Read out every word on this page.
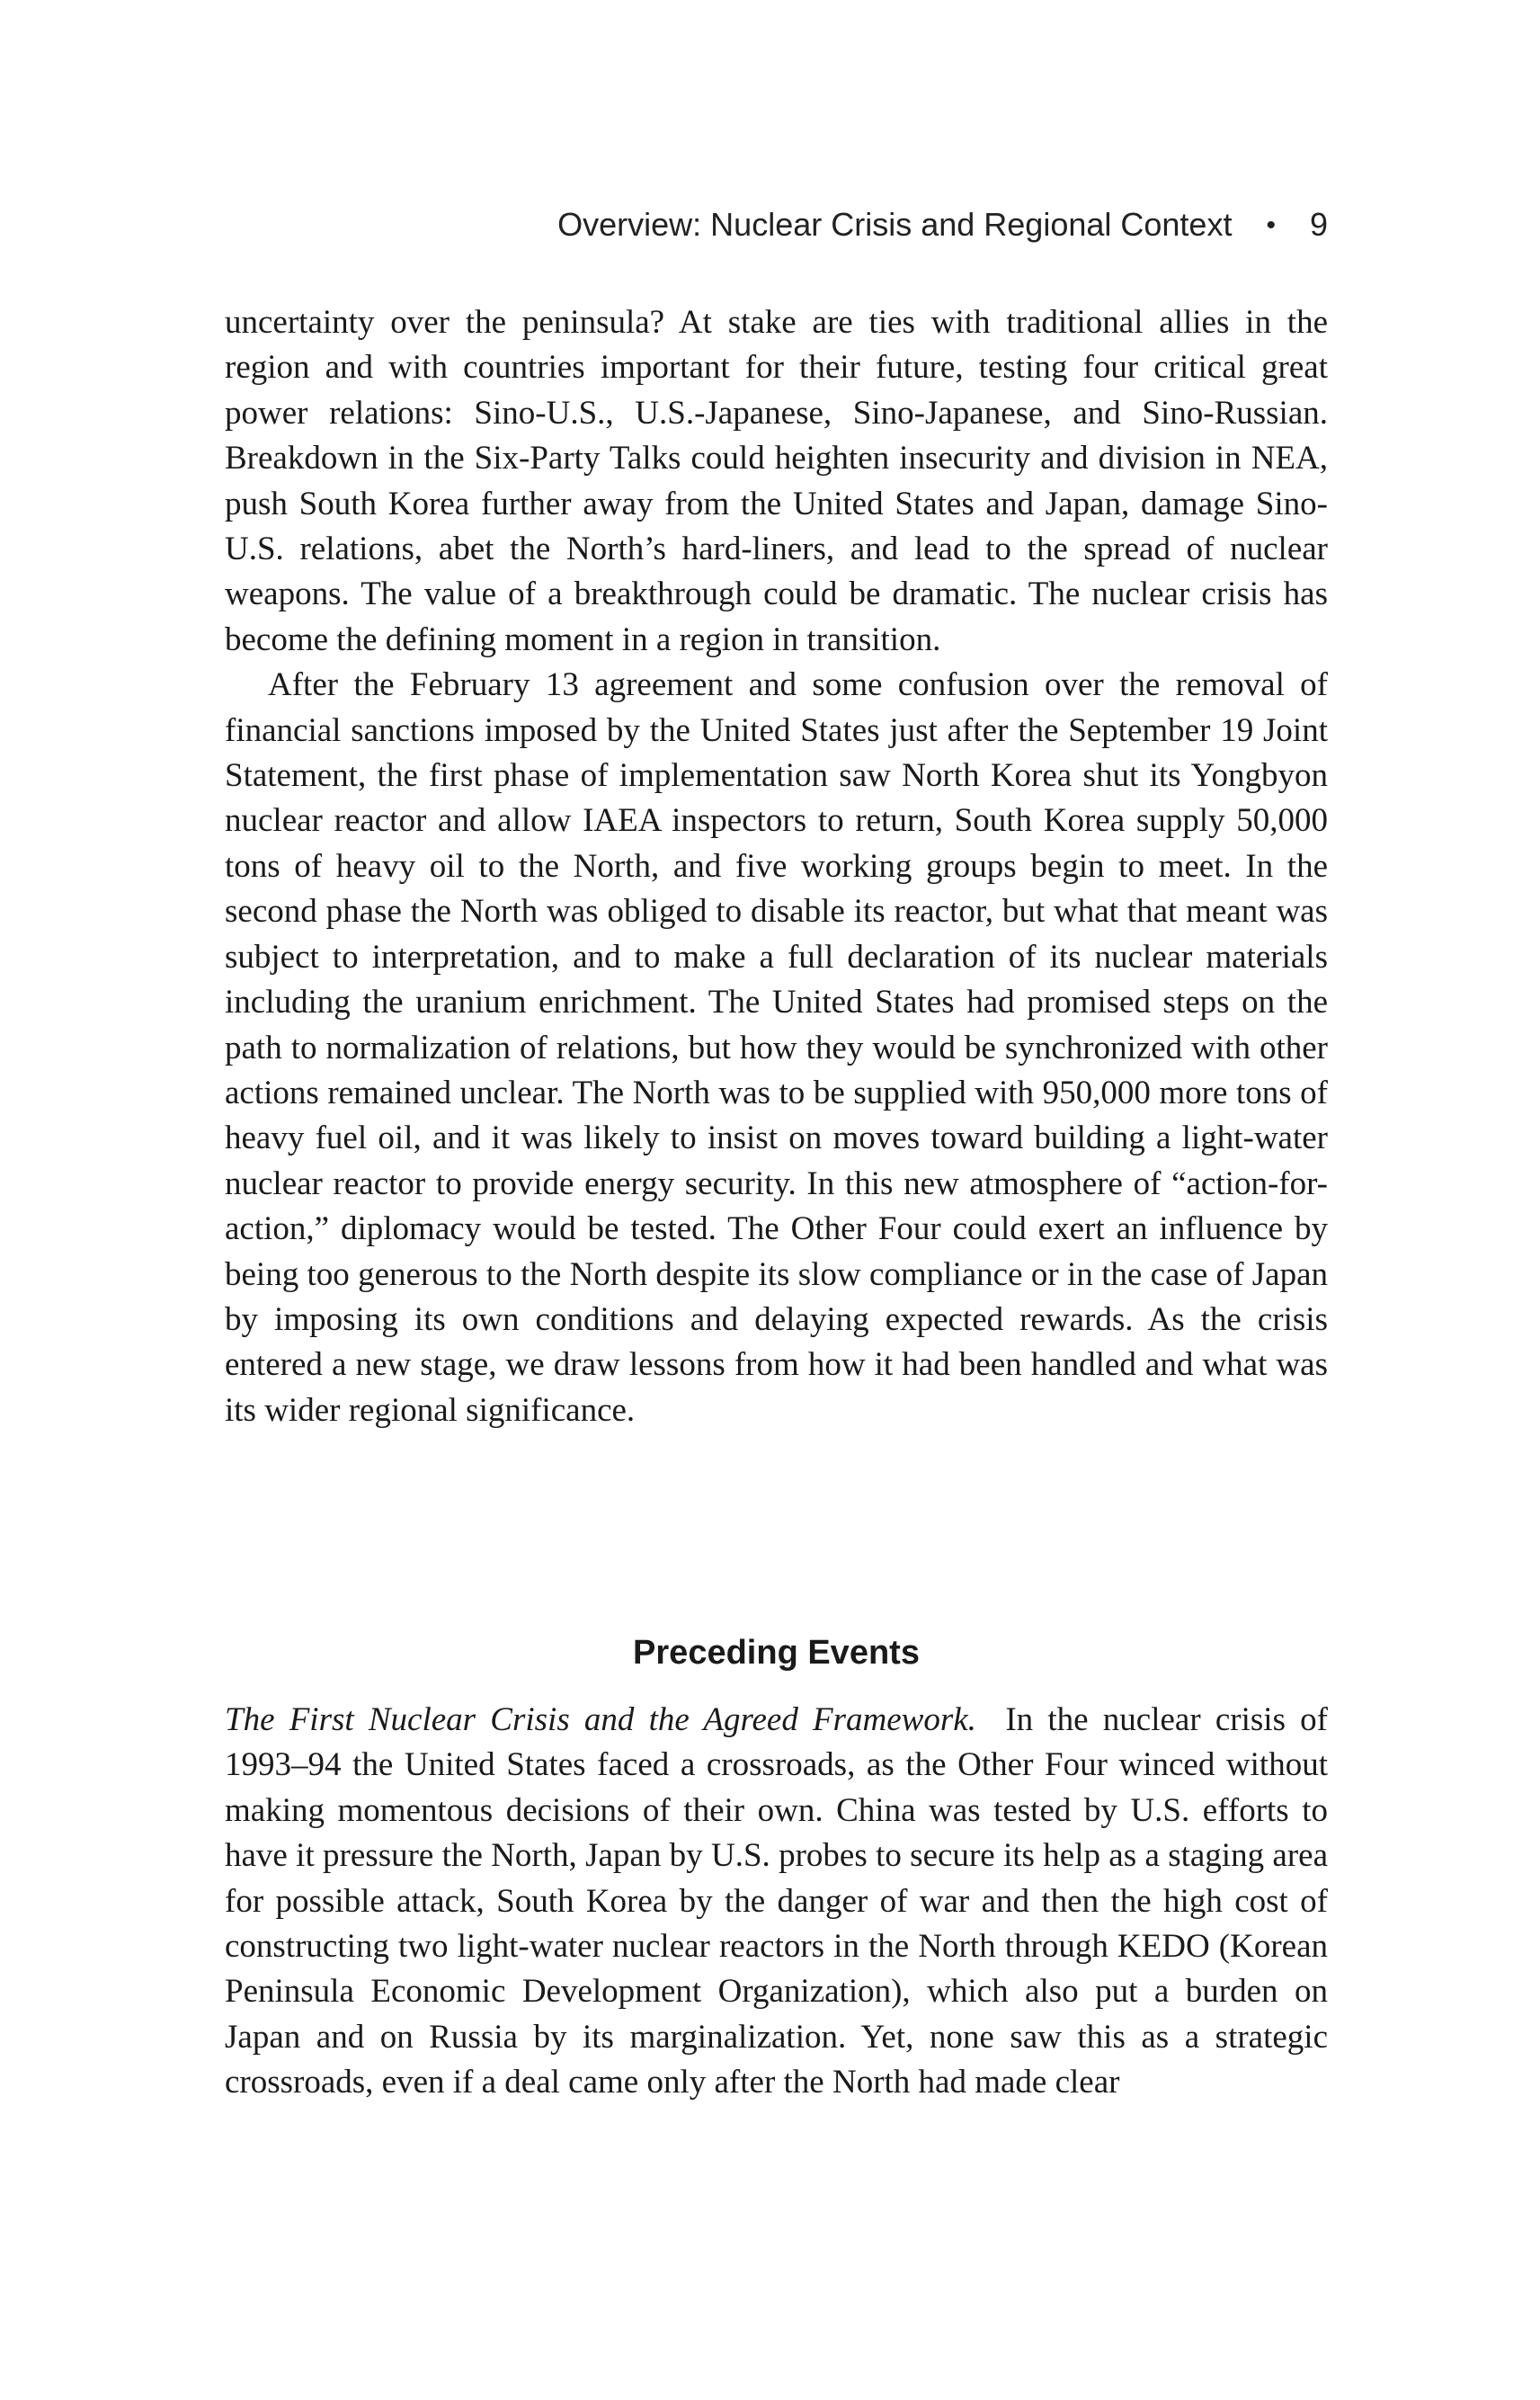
Overview: Nuclear Crisis and Regional Context • 9

uncertainty over the peninsula? At stake are ties with traditional allies in the region and with countries important for their future, testing four critical great power relations: Sino-U.S., U.S.-Japanese, Sino-Japanese, and Sino-Russian. Breakdown in the Six-Party Talks could heighten insecurity and division in NEA, push South Korea further away from the United States and Japan, damage Sino-U.S. relations, abet the North’s hard-liners, and lead to the spread of nuclear weapons. The value of a breakthrough could be dramatic. The nuclear crisis has become the defining moment in a region in transition.

After the February 13 agreement and some confusion over the removal of financial sanctions imposed by the United States just after the September 19 Joint Statement, the first phase of implementation saw North Korea shut its Yongbyon nuclear reactor and allow IAEA inspectors to return, South Korea supply 50,000 tons of heavy oil to the North, and five working groups begin to meet. In the second phase the North was obliged to disable its reactor, but what that meant was subject to interpretation, and to make a full declaration of its nuclear materials including the uranium enrichment. The United States had promised steps on the path to normalization of relations, but how they would be synchronized with other actions remained unclear. The North was to be supplied with 950,000 more tons of heavy fuel oil, and it was likely to insist on moves toward building a light-water nuclear reactor to provide energy security. In this new atmosphere of “action-for-action,” diplomacy would be tested. The Other Four could exert an influence by being too generous to the North despite its slow compliance or in the case of Japan by imposing its own conditions and delaying expected rewards. As the crisis entered a new stage, we draw lessons from how it had been handled and what was its wider regional significance.

Preceding Events

The First Nuclear Crisis and the Agreed Framework. In the nuclear crisis of 1993–94 the United States faced a crossroads, as the Other Four winced without making momentous decisions of their own. China was tested by U.S. efforts to have it pressure the North, Japan by U.S. probes to secure its help as a staging area for possible attack, South Korea by the danger of war and then the high cost of constructing two light-water nuclear reactors in the North through KEDO (Korean Peninsula Economic Development Organization), which also put a burden on Japan and on Russia by its marginalization. Yet, none saw this as a strategic crossroads, even if a deal came only after the North had made clear
